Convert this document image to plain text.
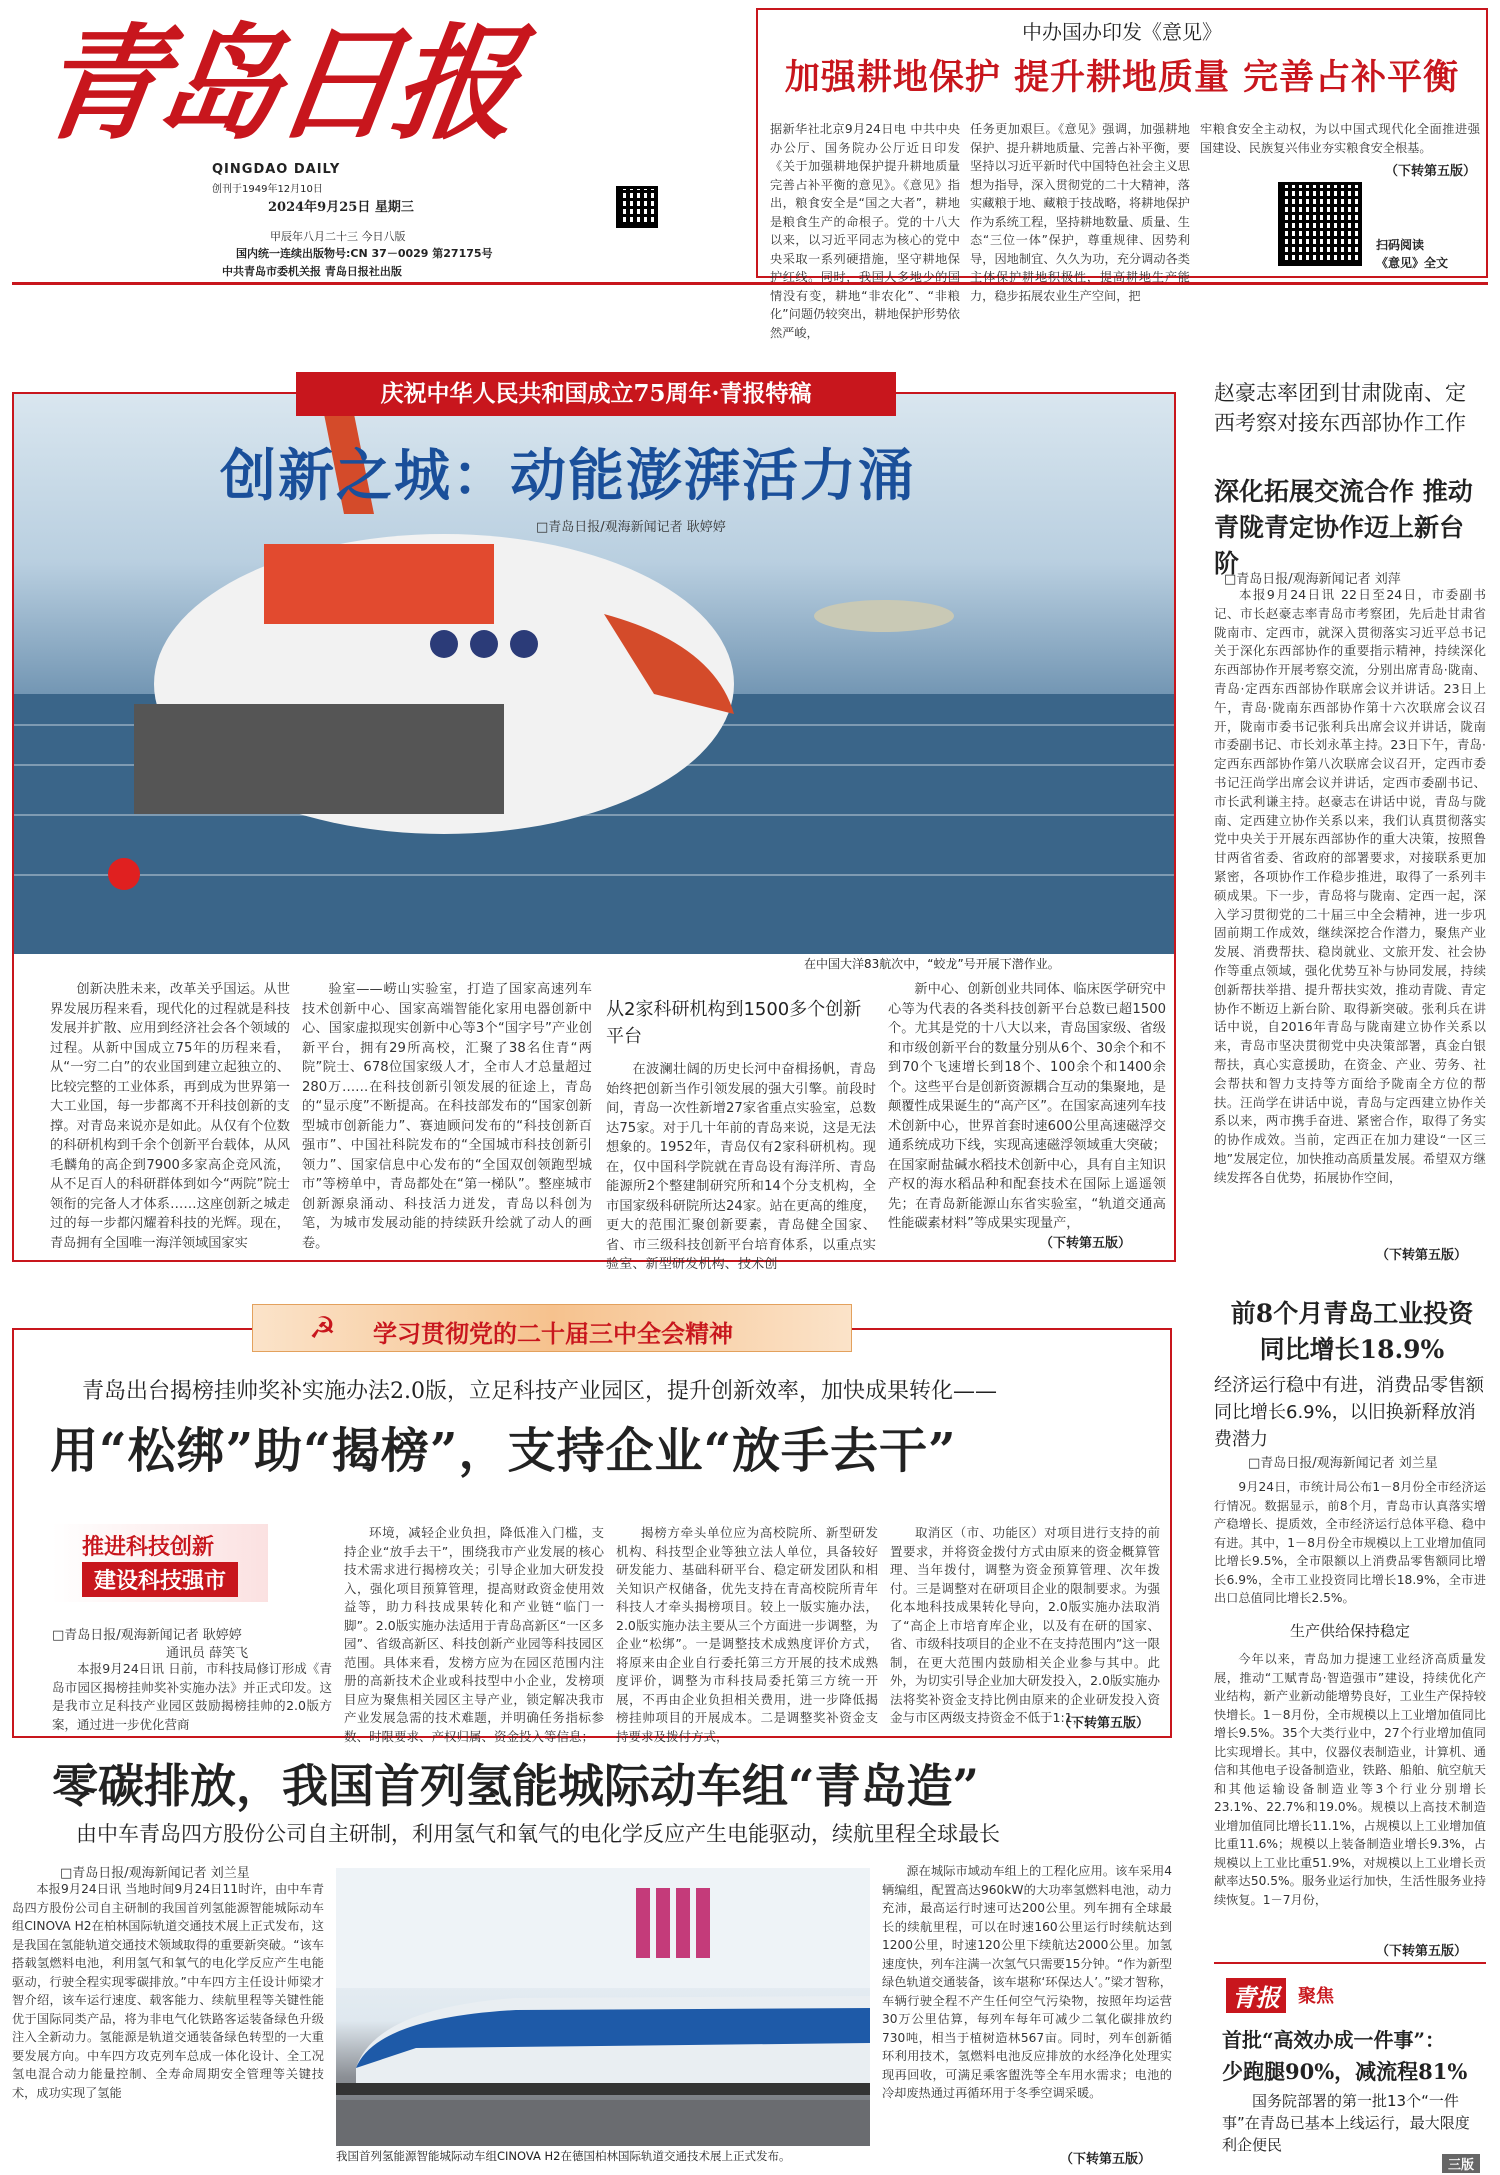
青岛日报
QINGDAO DAILY
创刊于1949年12月10日
2024年9月25日 星期三
甲辰年八月二十三 今日八版
国内统一连续出版物号:CN 37－0029 第27175号
中共青岛市委机关报 青岛日报社出版
中办国办印发《意见》
加强耕地保护 提升耕地质量 完善占补平衡
据新华社北京9月24日电 中共中央办公厅、国务院办公厅近日印发《关于加强耕地保护提升耕地质量完善占补平衡的意见》。《意见》指出，粮食安全是“国之大者”，耕地是粮食生产的命根子。党的十八大以来，以习近平同志为核心的党中央采取一系列硬措施，坚守耕地保护红线。同时，我国人多地少的国情没有变，耕地“非农化”、“非粮化”问题仍较突出，耕地保护形势依然严峻，
任务更加艰巨。《意见》强调，加强耕地保护、提升耕地质量、完善占补平衡，要坚持以习近平新时代中国特色社会主义思想为指导，深入贯彻党的二十大精神，落实藏粮于地、藏粮于技战略，将耕地保护作为系统工程，坚持耕地数量、质量、生态“三位一体”保护，尊重规律、因势利导，因地制宜、久久为功，充分调动各类主体保护耕地积极性，提高耕地生产能力，稳步拓展农业生产空间，把
牢粮食安全主动权，为以中国式现代化全面推进强国建设、民族复兴伟业夯实粮食安全根基。
（下转第五版）
扫码阅读
《意见》全文
庆祝中华人民共和国成立75周年·青报特稿
创新之城：动能澎湃活力涌
□青岛日报/观海新闻记者 耿婷婷
在中国大洋83航次中，“蛟龙”号开展下潜作业。
创新决胜未来，改革关乎国运。从世界发展历程来看，现代化的过程就是科技发展并扩散、应用到经济社会各个领域的过程。从新中国成立75年的历程来看，从“一穷二白”的农业国到建立起独立的、比较完整的工业体系，再到成为世界第一大工业国，每一步都离不开科技创新的支撑。对青岛来说亦是如此。从仅有个位数的科研机构到千余个创新平台载体，从风毛麟角的高企到7900多家高企竞风流，从不足百人的科研群体到如今“两院”院士领衔的完备人才体系……这座创新之城走过的每一步都闪耀着科技的光辉。现在，青岛拥有全国唯一海洋领域国家实
验室——崂山实验室，打造了国家高速列车技术创新中心、国家高端智能化家用电器创新中心、国家虚拟现实创新中心等3个“国字号”产业创新平台，拥有29所高校，汇聚了38名住青“两院”院士、678位国家级人才，全市人才总量超过280万……在科技创新引领发展的征途上，青岛的“显示度”不断提高。在科技部发布的“国家创新型城市创新能力”、赛迪顾问发布的“科技创新百强市”、中国社科院发布的“全国城市科技创新引领力”、国家信息中心发布的“全国双创领跑型城市”等榜单中，青岛都处在“第一梯队”。整座城市创新源泉涌动、科技活力迸发，青岛以科创为笔，为城市发展动能的持续跃升绘就了动人的画卷。
从2家科研机构到1500多个创新平台
在波澜壮阔的历史长河中奋楫扬帆，青岛始终把创新当作引领发展的强大引擎。前段时间，青岛一次性新增27家省重点实验室，总数达75家。对于几十年前的青岛来说，这是无法想象的。1952年，青岛仅有2家科研机构。现在，仅中国科学院就在青岛设有海洋所、青岛能源所2个整建制研究所和14个分支机构，全市国家级科研院所达24家。站在更高的维度，更大的范围汇聚创新要素，青岛健全国家、省、市三级科技创新平台培育体系，以重点实验室、新型研发机构、技术创
新中心、创新创业共同体、临床医学研究中心等为代表的各类科技创新平台总数已超1500个。尤其是党的十八大以来，青岛国家级、省级和市级创新平台的数量分别从6个、30余个和不到70个飞速增长到18个、100余个和1400余个。这些平台是创新资源耦合互动的集聚地，是颠覆性成果诞生的“高产区”。在国家高速列车技术创新中心，世界首套时速600公里高速磁浮交通系统成功下线，实现高速磁浮领域重大突破；在国家耐盐碱水稻技术创新中心，具有自主知识产权的海水稻品种和配套技术在国际上遥遥领先；在青岛新能源山东省实验室，“轨道交通高性能碳素材料”等成果实现量产，
（下转第五版）
赵豪志率团到甘肃陇南、定西考察对接东西部协作工作
深化拓展交流合作 推动青陇青定协作迈上新台阶
□青岛日报/观海新闻记者 刘萍
本报9月24日讯 22日至24日，市委副书记、市长赵豪志率青岛市考察团，先后赴甘肃省陇南市、定西市，就深入贯彻落实习近平总书记关于深化东西部协作的重要指示精神，持续深化东西部协作开展考察交流，分别出席青岛·陇南、青岛·定西东西部协作联席会议并讲话。23日上午，青岛·陇南东西部协作第十六次联席会议召开，陇南市委书记张利兵出席会议并讲话，陇南市委副书记、市长刘永革主持。23日下午，青岛·定西东西部协作第八次联席会议召开，定西市委书记汪尚学出席会议并讲话，定西市委副书记、市长武利谦主持。赵豪志在讲话中说，青岛与陇南、定西建立协作关系以来，我们认真贯彻落实党中央关于开展东西部协作的重大决策，按照鲁甘两省省委、省政府的部署要求，对接联系更加紧密，各项协作工作稳步推进，取得了一系列丰硕成果。下一步，青岛将与陇南、定西一起，深入学习贯彻党的二十届三中全会精神，进一步巩固前期工作成效，继续深挖合作潜力，聚焦产业发展、消费帮扶、稳岗就业、文旅开发、社会协作等重点领域，强化优势互补与协同发展，持续创新帮扶举措、提升帮扶实效，推动青陇、青定协作不断迈上新台阶、取得新突破。张利兵在讲话中说，自2016年青岛与陇南建立协作关系以来，青岛市坚决贯彻党中央决策部署，真金白银帮扶，真心实意援助，在资金、产业、劳务、社会帮扶和智力支持等方面给予陇南全方位的帮扶。汪尚学在讲话中说，青岛与定西建立协作关系以来，两市携手奋进、紧密合作，取得了务实的协作成效。当前，定西正在加力建设“一区三地”发展定位，加快推动高质量发展。希望双方继续发挥各自优势，拓展协作空间，
（下转第五版）
☭ 学习贯彻党的二十届三中全会精神
青岛出台揭榜挂帅奖补实施办法2.0版，立足科技产业园区，提升创新效率，加快成果转化——
用“松绑”助“揭榜”，支持企业“放手去干”
推进科技创新
建设科技强市
□青岛日报/观海新闻记者 耿婷婷
通讯员 薛笑飞
本报9月24日讯 日前，市科技局修订形成《青岛市园区揭榜挂帅奖补实施办法》并正式印发。这是我市立足科技产业园区鼓励揭榜挂帅的2.0版方案，通过进一步优化营商
环境，减轻企业负担，降低准入门槛，支持企业“放手去干”，围绕我市产业发展的核心技术需求进行揭榜攻关；引导企业加大研发投入，强化项目预算管理，提高财政资金使用效益等，助力科技成果转化和产业链“临门一脚”。2.0版实施办法适用于青岛高新区“一区多园”、省级高新区、科技创新产业园等科技园区范围。具体来看，发榜方应为在园区范围内注册的高新技术企业或科技型中小企业，发榜项目应为聚焦相关园区主导产业，锁定解决我市产业发展急需的技术难题，并明确任务指标参数、时限要求、产权归属、资金投入等信息；
揭榜方牵头单位应为高校院所、新型研发机构、科技型企业等独立法人单位，具备较好研发能力、基础科研平台、稳定研发团队和相关知识产权储备，优先支持在青高校院所青年科技人才牵头揭榜项目。较上一版实施办法，2.0版实施办法主要从三个方面进一步调整，为企业“松绑”。一是调整技术成熟度评价方式，将原来由企业自行委托第三方开展的技术成熟度评价，调整为市科技局委托第三方统一开展，不再由企业负担相关费用，进一步降低揭榜挂帅项目的开展成本。二是调整奖补资金支持要求及拨付方式，
取消区（市、功能区）对项目进行支持的前置要求，并将资金拨付方式由原来的资金概算管理、当年拨付，调整为资金预算管理、次年拨付。三是调整对在研项目企业的限制要求。为强化本地科技成果转化导向，2.0版实施办法取消了“高企上市培育库企业，以及有在研的国家、省、市级科技项目的企业不在支持范围内”这一限制，在更大范围内鼓励相关企业参与其中。此外，为切实引导企业加大研发投入，2.0版实施办法将奖补资金支持比例由原来的企业研发投入资金与市区两级支持资金不低于1:1，
（下转第五版）
前8个月青岛工业投资同比增长18.9%
经济运行稳中有进，消费品零售额同比增长6.9%，以旧换新释放消费潜力
□青岛日报/观海新闻记者 刘兰星
9月24日，市统计局公布1－8月份全市经济运行情况。数据显示，前8个月，青岛市认真落实增产稳增长、提质效，全市经济运行总体平稳、稳中有进。其中，1－8月份全市规模以上工业增加值同比增长9.5%，全市限额以上消费品零售额同比增长6.9%，全市工业投资同比增长18.9%，全市进出口总值同比增长2.5%。
生产供给保持稳定
今年以来，青岛加力提速工业经济高质量发展，推动“工赋青岛·智造强市”建设，持续优化产业结构，新产业新动能增势良好，工业生产保持较快增长。1－8月份，全市规模以上工业增加值同比增长9.5%。35个大类行业中，27个行业增加值同比实现增长。其中，仪器仪表制造业，计算机、通信和其他电子设备制造业，铁路、船舶、航空航天和其他运输设备制造业等3个行业分别增长23.1%、22.7%和19.0%。规模以上高技术制造业增加值同比增长11.1%，占规模以上工业增加值比重11.6%；规模以上装备制造业增长9.3%，占规模以上工业比重51.9%，对规模以上工业增长贡献率达50.5%。服务业运行加快，生活性服务业持续恢复。1－7月份，
（下转第五版）
零碳排放，我国首列氢能城际动车组“青岛造”
由中车青岛四方股份公司自主研制，利用氢气和氧气的电化学反应产生电能驱动，续航里程全球最长
□青岛日报/观海新闻记者 刘兰星
本报9月24日讯 当地时间9月24日11时许，由中车青岛四方股份公司自主研制的我国首列氢能源智能城际动车组CINOVA H2在柏林国际轨道交通技术展上正式发布，这是我国在氢能轨道交通技术领域取得的重要新突破。“该车搭载氢燃料电池，利用氢气和氧气的电化学反应产生电能驱动，行驶全程实现零碳排放。”中车四方主任设计师梁才智介绍，该车运行速度、载客能力、续航里程等关键性能优于国际同类产品，将为非电气化铁路客运装备绿色升级注入全新动力。氢能源是轨道交通装备绿色转型的一大重要发展方向。中车四方攻克列车总成一体化设计、全工况氢电混合动力能量控制、全寿命周期安全管理等关键技术，成功实现了氢能
我国首列氢能源智能城际动车组CINOVA H2在德国柏林国际轨道交通技术展上正式发布。
源在城际市域动车组上的工程化应用。该车采用4辆编组，配置高达960kW的大功率氢燃料电池，动力充沛，最高运行时速可达200公里。列车拥有全球最长的续航里程，可以在时速160公里运行时续航达到1200公里，时速120公里下续航达2000公里。加氢速度快，列车注满一次氢气只需要15分钟。“作为新型绿色轨道交通装备，该车堪称‘环保达人’。”梁才智称，车辆行驶全程不产生任何空气污染物，按照年均运营30万公里估算，每列车每年可减少二氧化碳排放约730吨，相当于植树造林567亩。同时，列车创新循环利用技术，氢燃料电池反应排放的水经净化处理实现再回收，可满足乘客盥洗等全车用水需求；电池的冷却废热通过再循环用于冬季空调采暖。
（下转第五版）
青报	聚焦
首批“高效办成一件事”：
少跑腿90%，减流程81%
国务院部署的第一批13个“一件事”在青岛已基本上线运行，最大限度利企便民
三版
